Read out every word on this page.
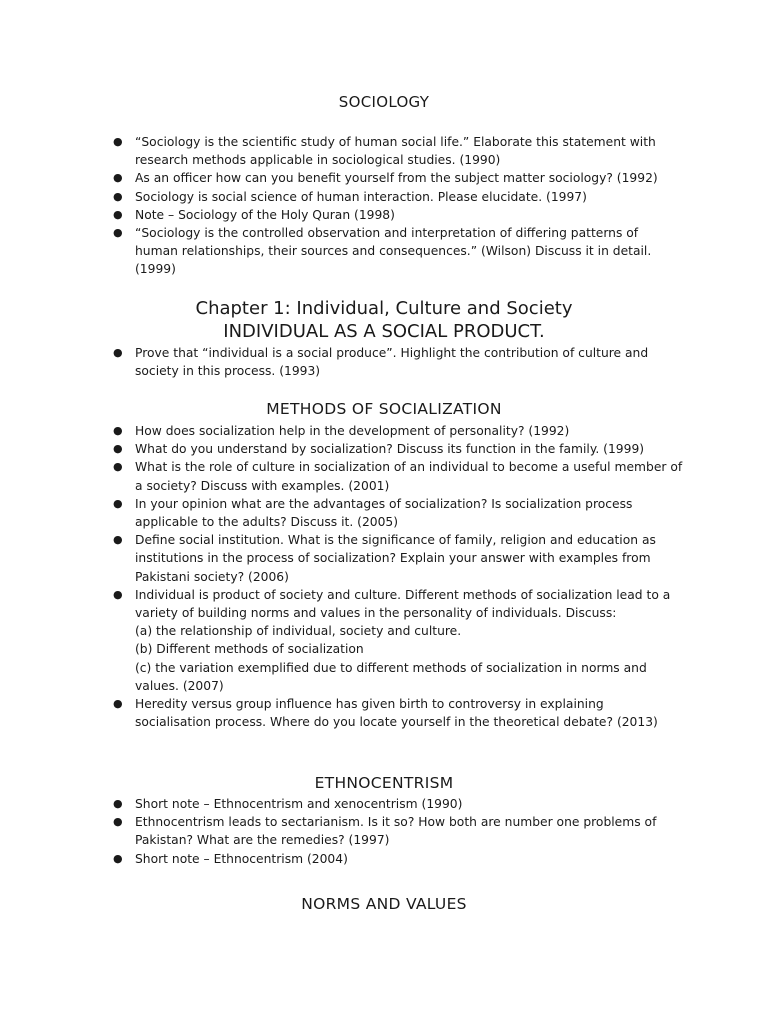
SOCIOLOGY
● “Sociology is the scientific study of human social life.” Elaborate this statement with research methods applicable in sociological studies. (1990)
● As an officer how can you benefit yourself from the subject matter sociology? (1992)
● Sociology is social science of human interaction. Please elucidate. (1997)
● Note – Sociology of the Holy Quran (1998)
● “Sociology is the controlled observation and interpretation of differing patterns of human relationships, their sources and consequences.” (Wilson) Discuss it in detail. (1999)
Chapter 1: Individual, Culture and Society
INDIVIDUAL AS A SOCIAL PRODUCT.
● Prove that “individual is a social produce”. Highlight the contribution of culture and society in this process. (1993)
METHODS OF SOCIALIZATION
● How does socialization help in the development of personality? (1992)
● What do you understand by socialization? Discuss its function in the family. (1999)
● What is the role of culture in socialization of an individual to become a useful member of a society? Discuss with examples. (2001)
● In your opinion what are the advantages of socialization? Is socialization process applicable to the adults? Discuss it. (2005)
● Define social institution. What is the significance of family, religion and education as institutions in the process of socialization? Explain your answer with examples from Pakistani society? (2006)
● Individual is product of society and culture. Different methods of socialization lead to a variety of building norms and values in the personality of individuals. Discuss:
(a) the relationship of individual, society and culture.
(b) Different methods of socialization
(c) the variation exemplified due to different methods of socialization in norms and values. (2007)
● Heredity versus group influence has given birth to controversy in explaining socialisation process. Where do you locate yourself in the theoretical debate? (2013)
ETHNOCENTRISM
● Short note – Ethnocentrism and xenocentrism (1990)
● Ethnocentrism leads to sectarianism. Is it so? How both are number one problems of Pakistan? What are the remedies? (1997)
● Short note – Ethnocentrism (2004)
NORMS AND VALUES
